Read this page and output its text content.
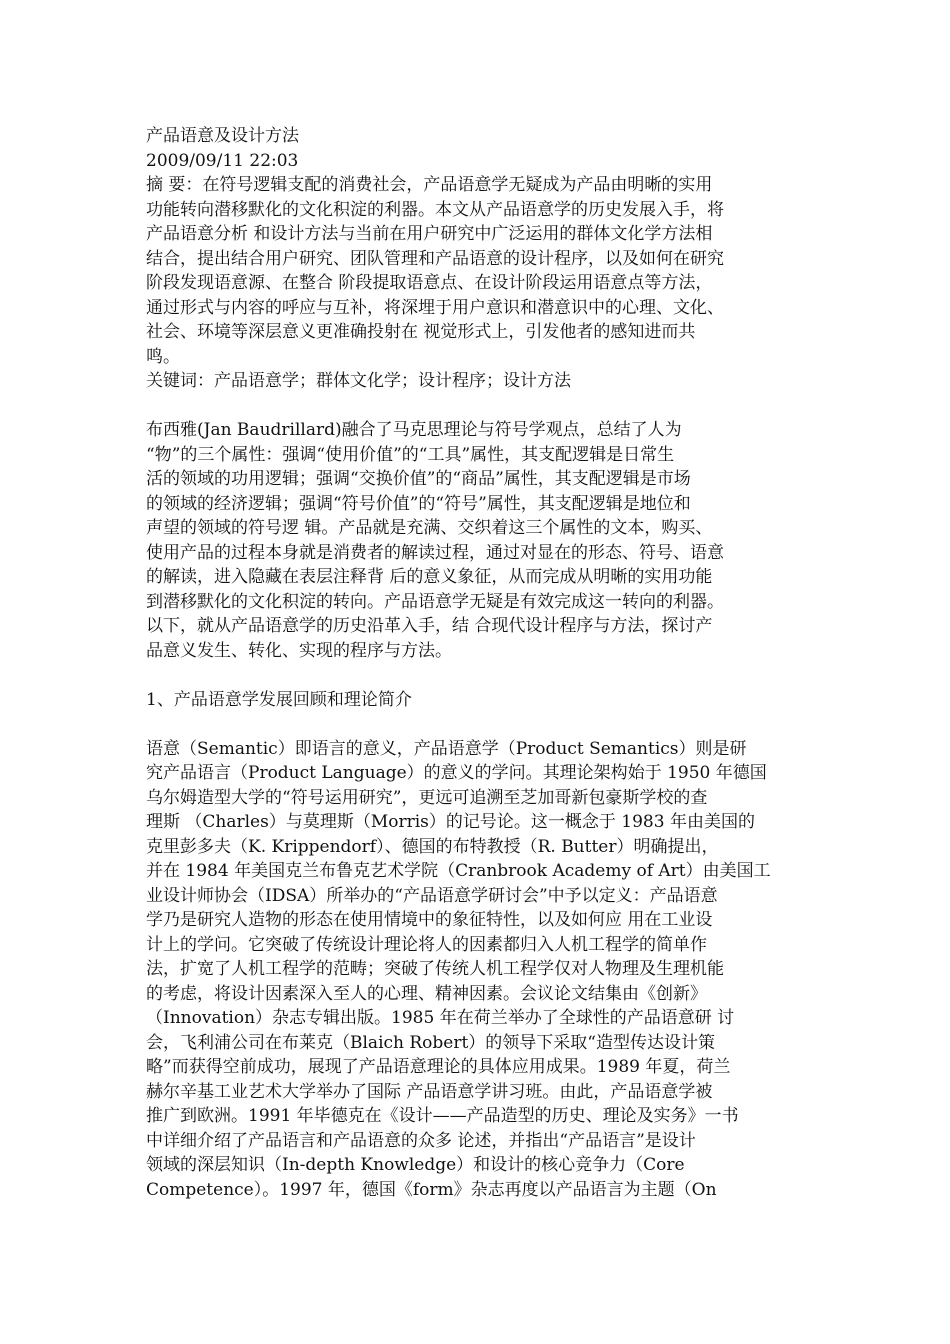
产品语意及设计方法
2009/09/11 22:03
摘 要：在符号逻辑支配的消费社会，产品语意学无疑成为产品由明晰的实用
功能转向潜移默化的文化积淀的利器。本文从产品语意学的历史发展入手，将
产品语意分析 和设计方法与当前在用户研究中广泛运用的群体文化学方法相
结合，提出结合用户研究、团队管理和产品语意的设计程序，以及如何在研究
阶段发现语意源、在整合 阶段提取语意点、在设计阶段运用语意点等方法，
通过形式与内容的呼应与互补，将深埋于用户意识和潜意识中的心理、文化、
社会、环境等深层意义更准确投射在 视觉形式上，引发他者的感知进而共
鸣。
关键词：产品语意学；群体文化学；设计程序；设计方法
布西雅(Jan Baudrillard)融合了马克思理论与符号学观点，总结了人为
“物”的三个属性：强调“使用价值”的“工具”属性，其支配逻辑是日常生
活的领域的功用逻辑；强调“交换价值”的“商品”属性，其支配逻辑是市场
的领域的经济逻辑；强调“符号价值”的“符号”属性，其支配逻辑是地位和
声望的领域的符号逻 辑。产品就是充满、交织着这三个属性的文本，购买、
使用产品的过程本身就是消费者的解读过程，通过对显在的形态、符号、语意
的解读，进入隐藏在表层注释背 后的意义象征，从而完成从明晰的实用功能
到潜移默化的文化积淀的转向。产品语意学无疑是有效完成这一转向的利器。
以下，就从产品语意学的历史沿革入手，结 合现代设计程序与方法，探讨产
品意义发生、转化、实现的程序与方法。
1、产品语意学发展回顾和理论简介
语意（Semantic）即语言的意义，产品语意学（Product Semantics）则是研
究产品语言（Product Language）的意义的学问。其理论架构始于 1950 年德国
乌尔姆造型大学的“符号运用研究”，更远可追溯至芝加哥新包豪斯学校的查
理斯 （Charles）与莫理斯（Morris）的记号论。这一概念于 1983 年由美国的
克里彭多夫（K. Krippendorf）、德国的布特教授（R. Butter）明确提出，
并在 1984 年美国克兰布鲁克艺术学院（Cranbrook Academy of Art）由美国工
业设计师协会（IDSA）所举办的“产品语意学研讨会”中予以定义：产品语意
学乃是研究人造物的形态在使用情境中的象征特性，以及如何应 用在工业设
计上的学问。它突破了传统设计理论将人的因素都归入人机工程学的简单作
法，扩宽了人机工程学的范畴；突破了传统人机工程学仅对人物理及生理机能
的考虑，将设计因素深入至人的心理、精神因素。会议论文结集由《创新》
（Innovation）杂志专辑出版。1985 年在荷兰举办了全球性的产品语意研 讨
会，飞利浦公司在布莱克（Blaich Robert）的领导下采取“造型传达设计策
略”而获得空前成功，展现了产品语意理论的具体应用成果。1989 年夏，荷兰
赫尔辛基工业艺术大学举办了国际 产品语意学讲习班。由此，产品语意学被
推广到欧洲。1991 年毕德克在《设计——产品造型的历史、理论及实务》一书
中详细介绍了产品语言和产品语意的众多 论述，并指出“产品语言”是设计
领域的深层知识（In-depth Knowledge）和设计的核心竞争力（Core
Competence）。1997 年，德国《form》杂志再度以产品语言为主题（On
